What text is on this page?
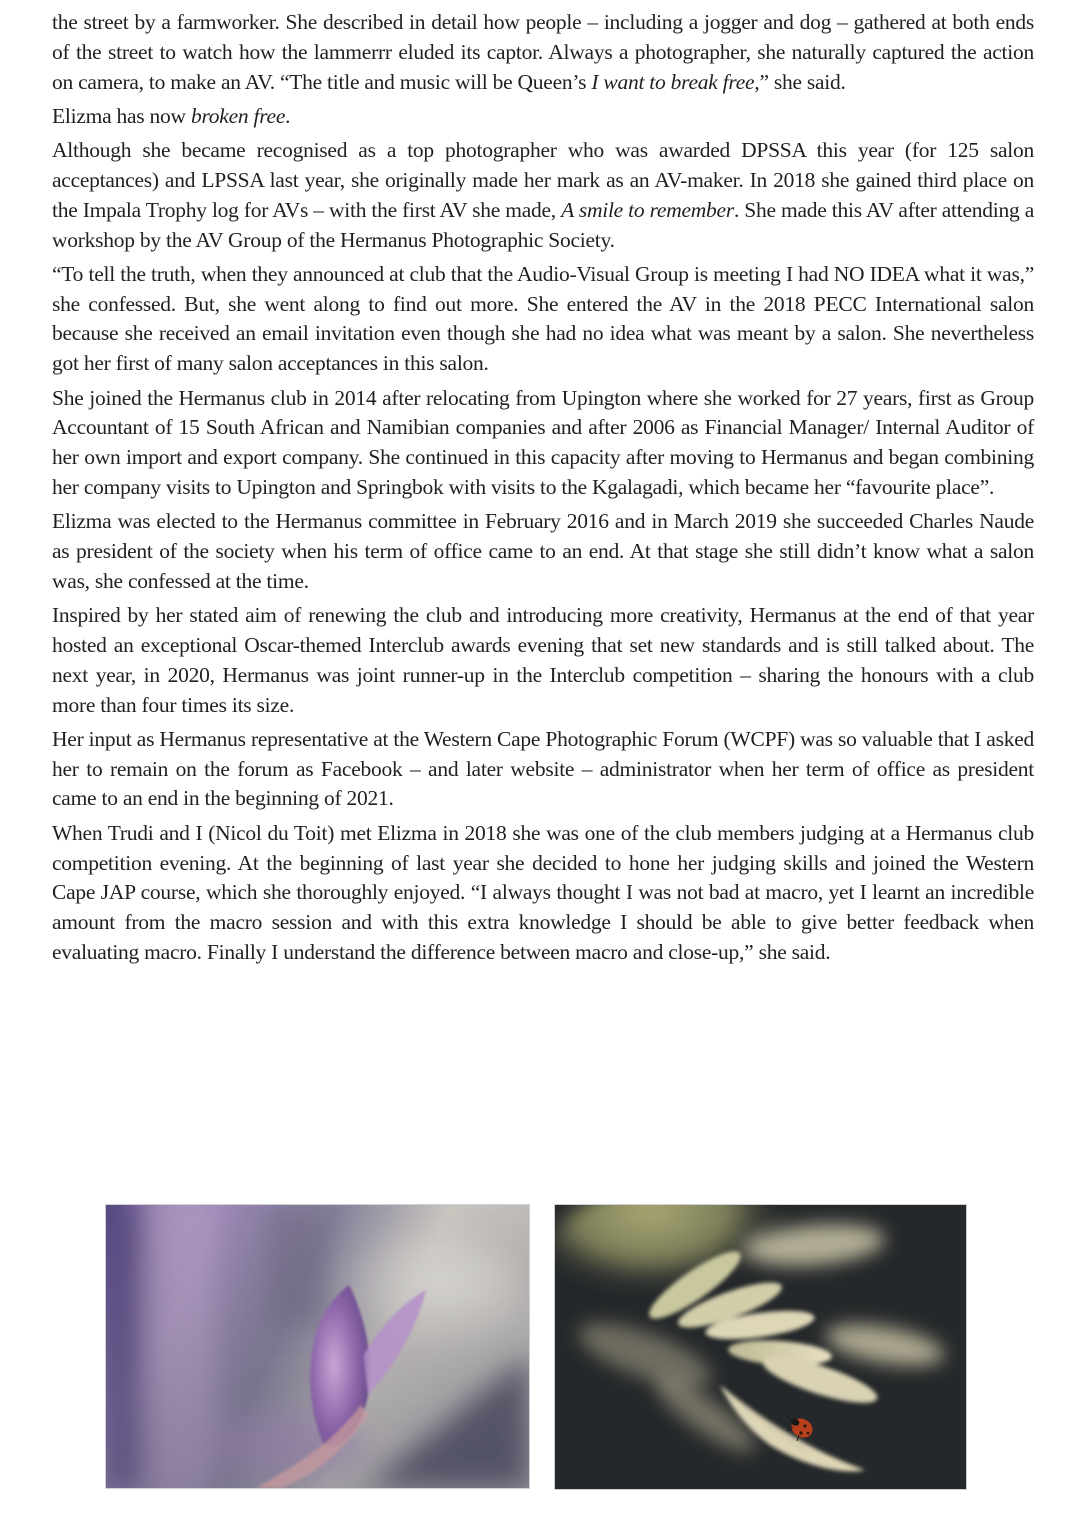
the street by a farmworker. She described in detail how people – including a jogger and dog – gathered at both ends of the street to watch how the lammerrr eluded its captor. Always a photographer, she naturally captured the action on camera, to make an AV. “The title and music will be Queen’s I want to break free,” she said.

Elizma has now broken free.

Although she became recognised as a top photographer who was awarded DPSSA this year (for 125 salon acceptances) and LPSSA last year, she originally made her mark as an AV-maker. In 2018 she gained third place on the Impala Trophy log for AVs – with the first AV she made, A smile to remember. She made this AV after attending a workshop by the AV Group of the Hermanus Photographic Society.

“To tell the truth, when they announced at club that the Audio-Visual Group is meeting I had NO IDEA what it was,” she confessed. But, she went along to find out more. She entered the AV in the 2018 PECC International salon because she received an email invitation even though she had no idea what was meant by a salon. She nevertheless got her first of many salon acceptances in this salon.

She joined the Hermanus club in 2014 after relocating from Upington where she worked for 27 years, first as Group Accountant of 15 South African and Namibian companies and after 2006 as Financial Manager/ Internal Auditor of her own import and export company. She continued in this capacity after moving to Hermanus and began combining her company visits to Upington and Springbok with visits to the Kgalagadi, which became her “favourite place”.

Elizma was elected to the Hermanus committee in February 2016 and in March 2019 she succeeded Charles Naude as president of the society when his term of office came to an end. At that stage she still didn’t know what a salon was, she confessed at the time.

Inspired by her stated aim of renewing the club and introducing more creativity, Hermanus at the end of that year hosted an exceptional Oscar-themed Interclub awards evening that set new standards and is still talked about. The next year, in 2020, Hermanus was joint runner-up in the Interclub competition – sharing the honours with a club more than four times its size.

Her input as Hermanus representative at the Western Cape Photographic Forum (WCPF) was so valuable that I asked her to remain on the forum as Facebook – and later website – administrator when her term of office as president came to an end in the beginning of 2021.

When Trudi and I (Nicol du Toit) met Elizma in 2018 she was one of the club members judging at a Hermanus club competition evening. At the beginning of last year she decided to hone her judging skills and joined the Western Cape JAP course, which she thoroughly enjoyed. “I always thought I was not bad at macro, yet I learnt an incredible amount from the macro session and with this extra knowledge I should be able to give better feedback when evaluating macro. Finally I understand the difference between macro and close-up,” she said.
